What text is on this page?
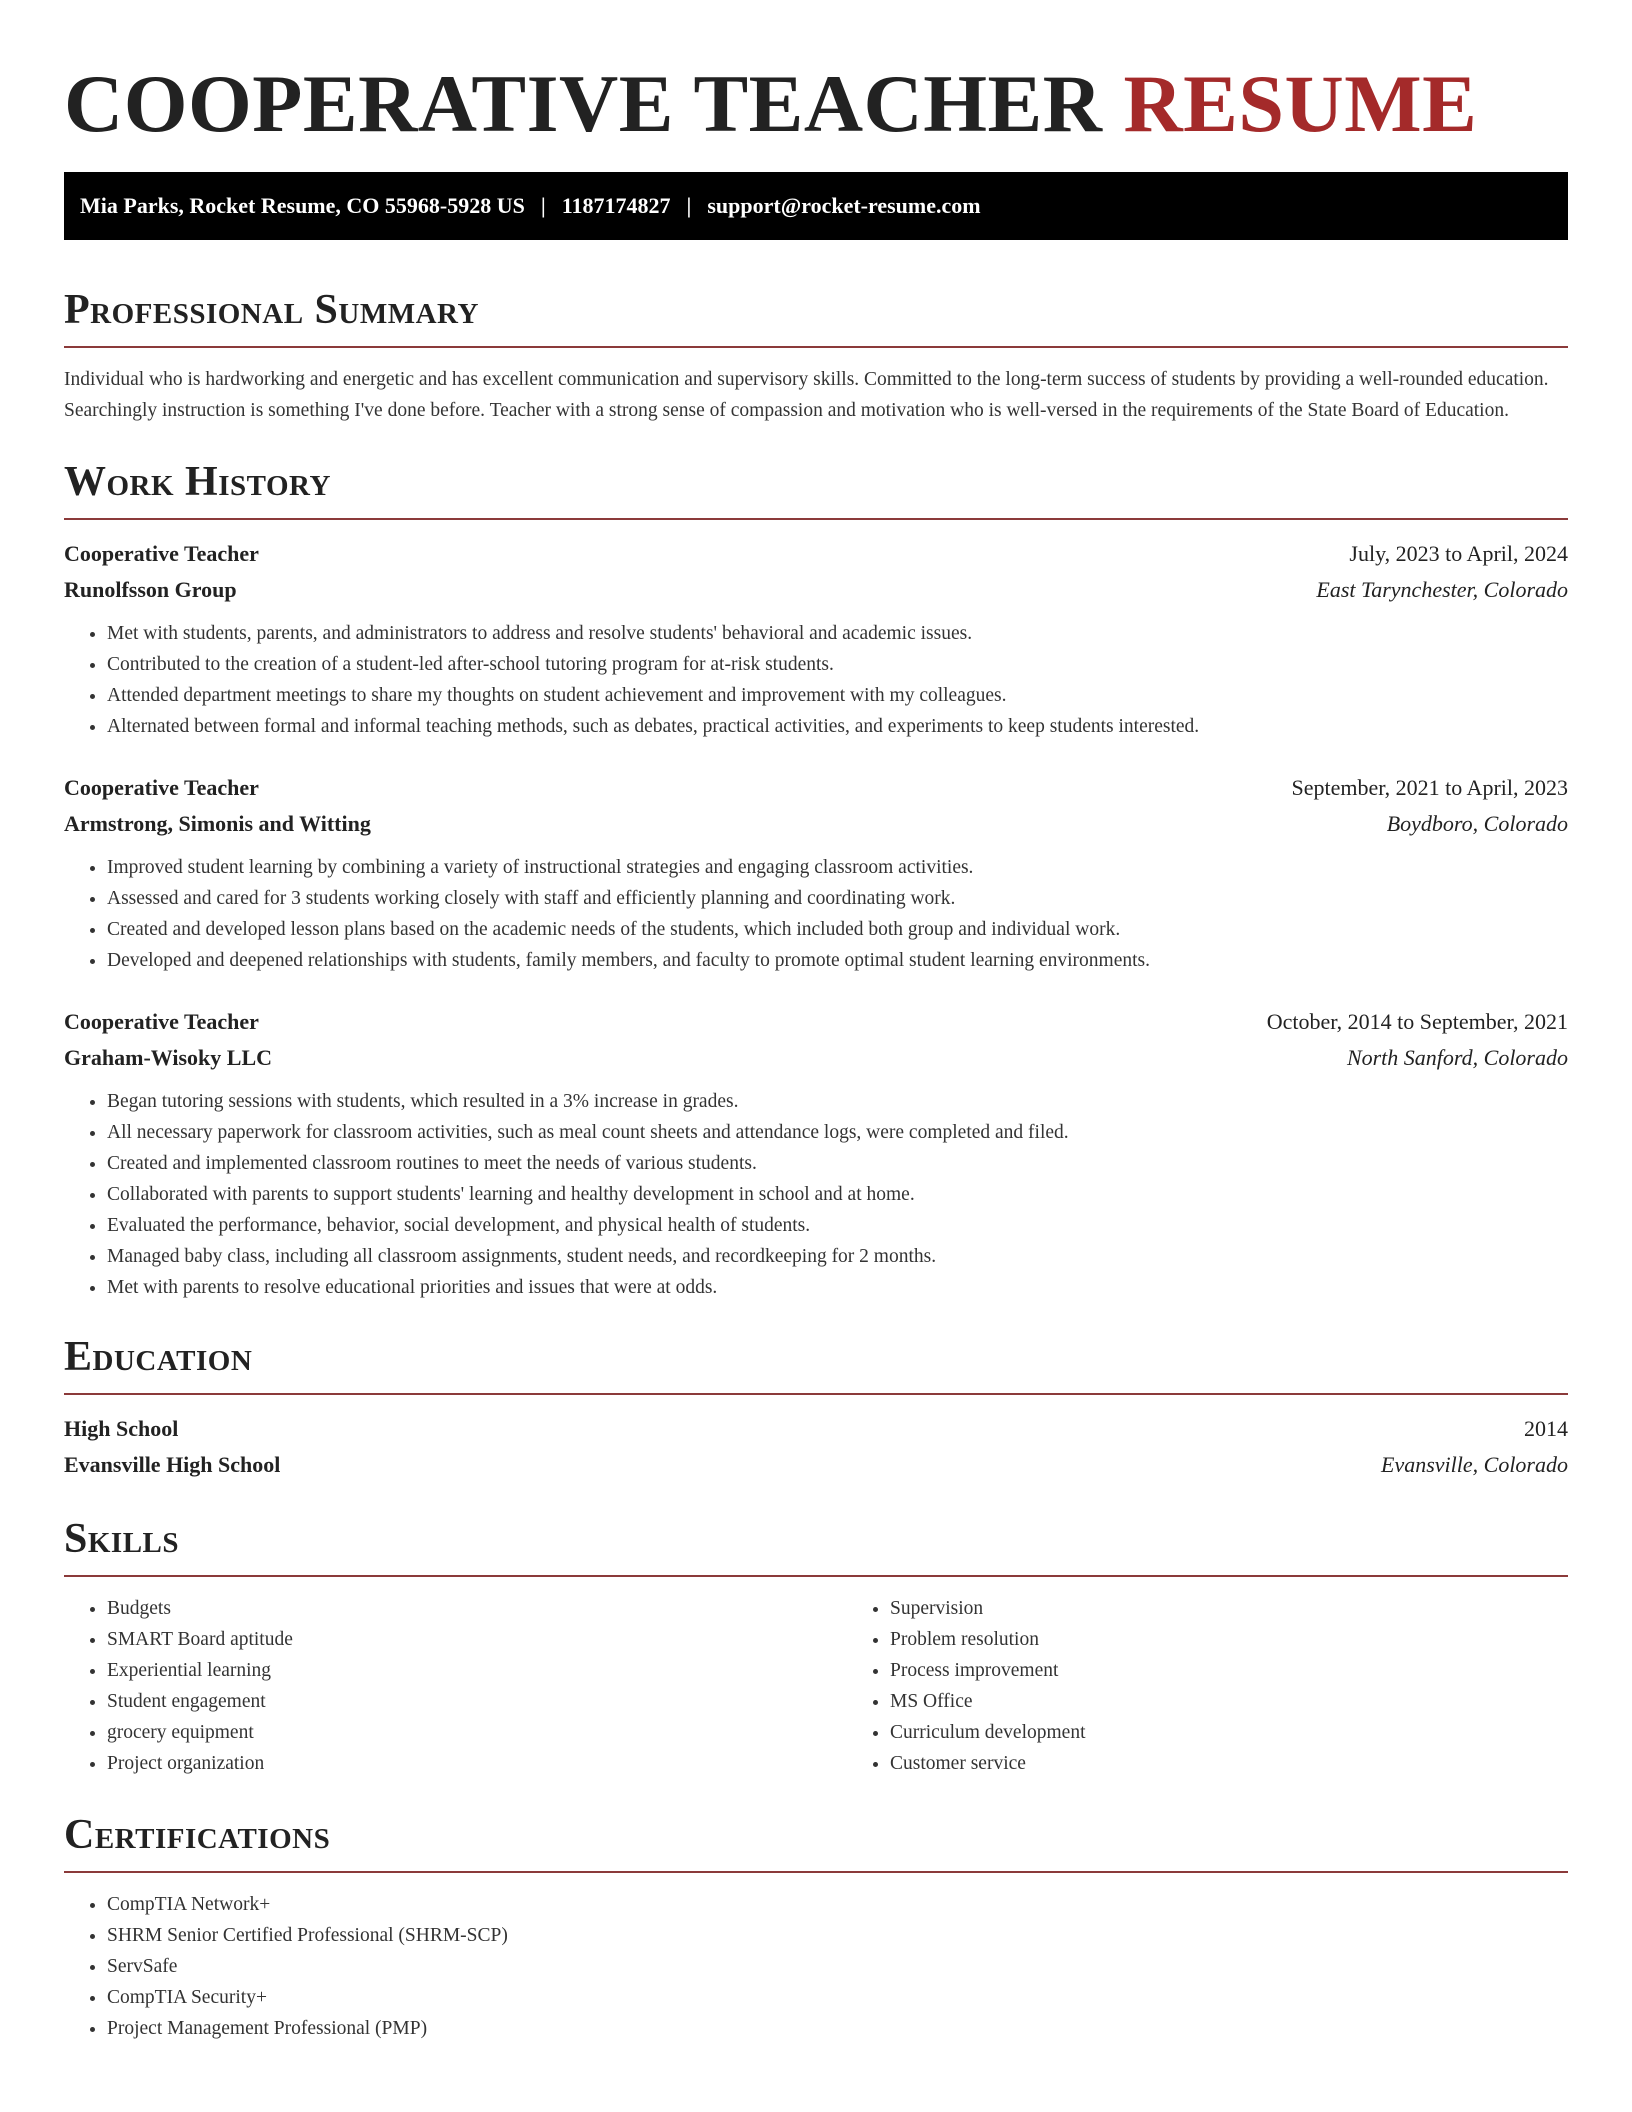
COOPERATIVE TEACHER RESUME
Mia Parks, Rocket Resume, CO 55968-5928 US | 1187174827 | support@rocket-resume.com
Professional Summary

Individual who is hardworking and energetic and has excellent communication and supervisory skills. Committed to the long-term success of students by providing a well-rounded education. Searchingly instruction is something I've done before. Teacher with a strong sense of compassion and motivation who is well-versed in the requirements of the State Board of Education.

Work History
Cooperative Teacher	July, 2023 to April, 2024
Runolfsson Group	East Tarynchester, Colorado
• Met with students, parents, and administrators to address and resolve students' behavioral and academic issues.
• Contributed to the creation of a student-led after-school tutoring program for at-risk students.
• Attended department meetings to share my thoughts on student achievement and improvement with my colleagues.
• Alternated between formal and informal teaching methods, such as debates, practical activities, and experiments to keep students interested.
Cooperative Teacher	September, 2021 to April, 2023
Armstrong, Simonis and Witting	Boydboro, Colorado
• Improved student learning by combining a variety of instructional strategies and engaging classroom activities.
• Assessed and cared for 3 students working closely with staff and efficiently planning and coordinating work.
• Created and developed lesson plans based on the academic needs of the students, which included both group and individual work.
• Developed and deepened relationships with students, family members, and faculty to promote optimal student learning environments.
Cooperative Teacher	October, 2014 to September, 2021
Graham-Wisoky LLC	North Sanford, Colorado
• Began tutoring sessions with students, which resulted in a 3% increase in grades.
• All necessary paperwork for classroom activities, such as meal count sheets and attendance logs, were completed and filed.
• Created and implemented classroom routines to meet the needs of various students.
• Collaborated with parents to support students' learning and healthy development in school and at home.
• Evaluated the performance, behavior, social development, and physical health of students.
• Managed baby class, including all classroom assignments, student needs, and recordkeeping for 2 months.
• Met with parents to resolve educational priorities and issues that were at odds.
Education
High School	2014
Evansville High School	Evansville, Colorado
Skills
• Budgets
• SMART Board aptitude
• Experiential learning
• Student engagement
• grocery equipment
• Project organization
• Supervision
• Problem resolution
• Process improvement
• MS Office
• Curriculum development
• Customer service
Certifications
• CompTIA Network+
• SHRM Senior Certified Professional (SHRM-SCP)
• ServSafe
• CompTIA Security+
• Project Management Professional (PMP)
